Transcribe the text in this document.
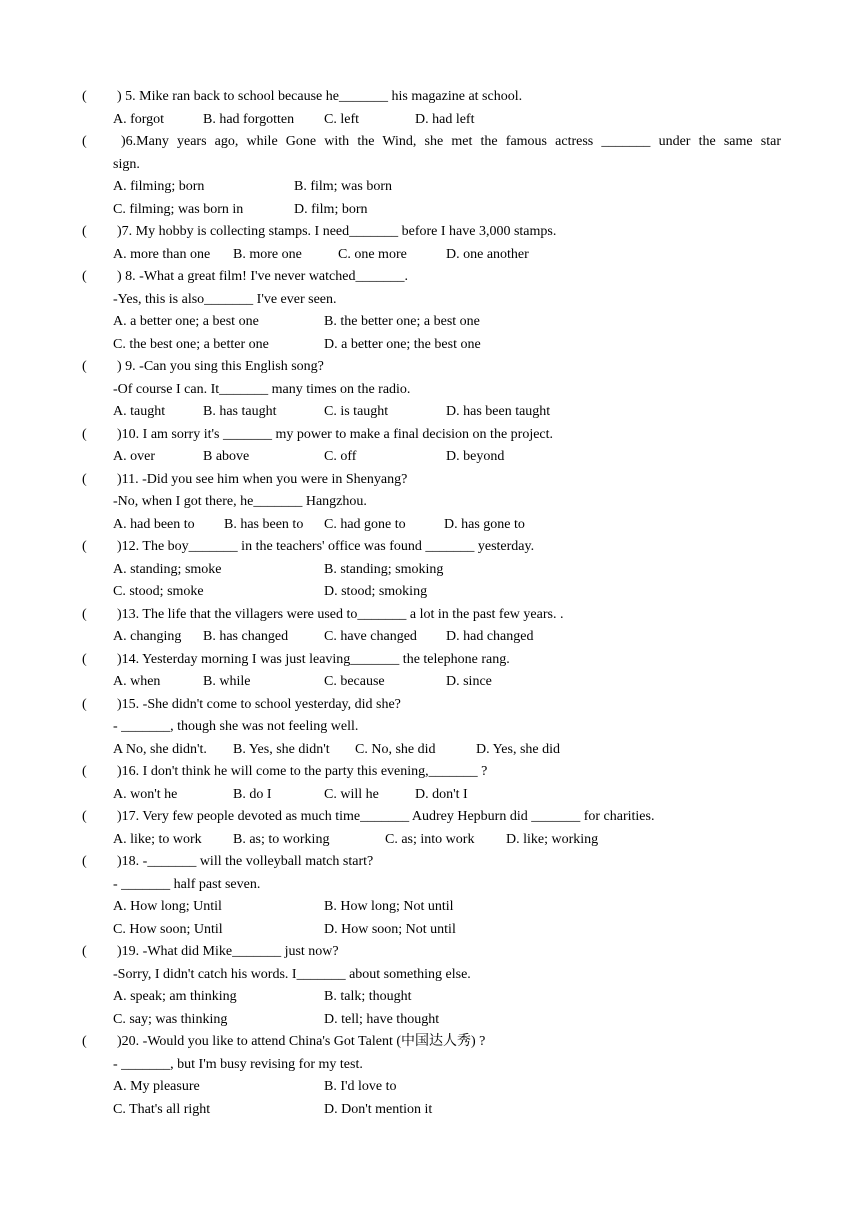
( ) 5. Mike ran back to school because he_______ his magazine at school.
A. forgot	B. had forgotten C. left	D. had left
( )6.Many years ago, while Gone with the Wind, she met the famous actress _______ under the same star
sign.
A. filming; born	B. film; was born
C. filming; was born in	D. film; born
( )7. My hobby is collecting stamps. I need_______ before I have 3,000 stamps.
A. more than one B. more one	C. one more	D. one another
( ) 8. -What a great film! I've never watched_______.
-Yes, this is also_______ I've ever seen.
A. a better one; a best one	B. the better one; a best one
C. the best one; a better one	D. a better one; the best one
( ) 9. -Can you sing this English song?
-Of course I can. It_______ many times on the radio.
A. taught	B. has taught	C. is taught	D. has been taught
( )10. I am sorry it's _______ my power to make a final decision on the project.
A. over	B above	C. off	D. beyond
( )11. -Did you see him when you were in Shenyang?
-No, when I got there, he_______ Hangzhou.
A. had been to B. has been to C. had gone to	D. has gone to
( )12. The boy_______ in the teachers' office was found _______ yesterday.
A. standing; smoke	B. standing; smoking
C. stood; smoke	D. stood; smoking
( )13. The life that the villagers were used to_______ a lot in the past few years. .
A. changing B. has changed	C. have changed D. had changed
( )14. Yesterday morning I was just leaving_______ the telephone rang.
A. when	B. while	C. because	D. since
( )15. -She didn't come to school yesterday, did she?
- _______, though she was not feeling well.
A No, she didn't. B. Yes, she didn't C. No, she did	D. Yes, she did
( )16. I don't think he will come to the party this evening,_______ ?
A. won't he	B. do I	C. will he	D. don't I
( )17. Very few people devoted as much time_______ Audrey Hepburn did _______ for charities.
A. like; to work B. as; to working	C. as; into work D. like; working
( )18. -_______ will the volleyball match start?
- _______ half past seven.
A. How long; Until	B. How long; Not until
C. How soon; Until	D. How soon; Not until
( )19. -What did Mike_______ just now?
-Sorry, I didn't catch his words. I_______ about something else.
A. speak; am thinking	B. talk; thought
C. say; was thinking	D. tell; have thought
( )20. -Would you like to attend China's Got Talent (中国达人秀) ?
- _______, but I'm busy revising for my test.
A. My pleasure	B. I'd love to
C. That's all right	D. Don't mention it
